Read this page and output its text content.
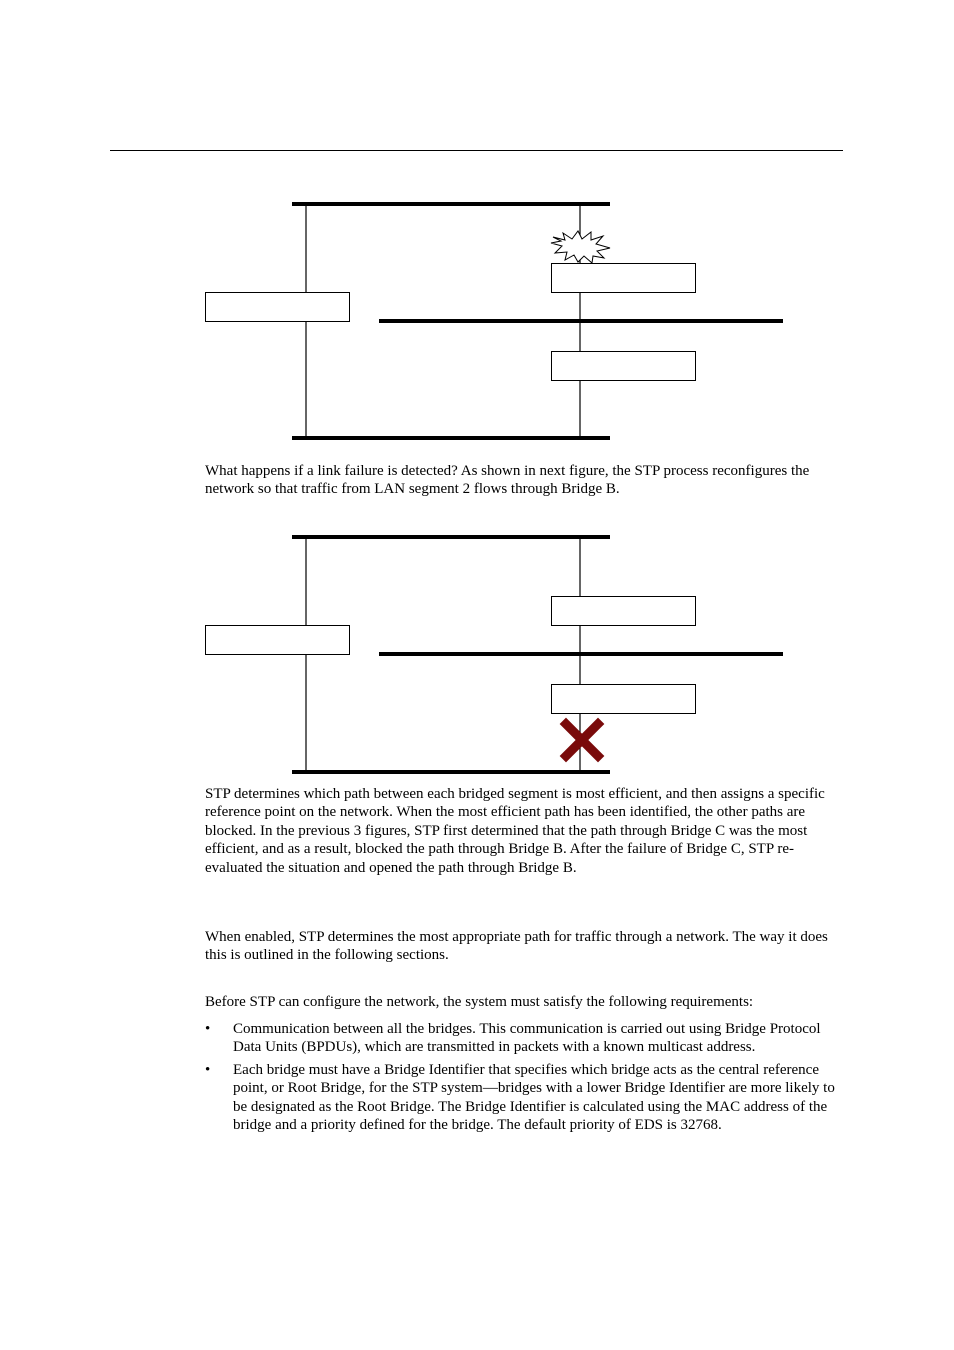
What happens if a link failure is detected? As shown in next figure, the STP process reconfigures the network so that traffic from LAN segment 2 flows through Bridge B.

STP determines which path between each bridged segment is most efficient, and then assigns a specific reference point on the network. When the most efficient path has been identified, the other paths are blocked. In the previous 3 figures, STP first determined that the path through Bridge C was the most efficient, and as a result, blocked the path through Bridge B. After the failure of Bridge C, STP re-evaluated the situation and opened the path through Bridge B.

When enabled, STP determines the most appropriate path for traffic through a network. The way it does this is outlined in the following sections.

Before STP can configure the network, the system must satisfy the following requirements:

• Communication between all the bridges. This communication is carried out using Bridge Protocol Data Units (BPDUs), which are transmitted in packets with a known multicast address.
• Each bridge must have a Bridge Identifier that specifies which bridge acts as the central reference point, or Root Bridge, for the STP system—bridges with a lower Bridge Identifier are more likely to be designated as the Root Bridge. The Bridge Identifier is calculated using the MAC address of the bridge and a priority defined for the bridge. The default priority of EDS is 32768.
